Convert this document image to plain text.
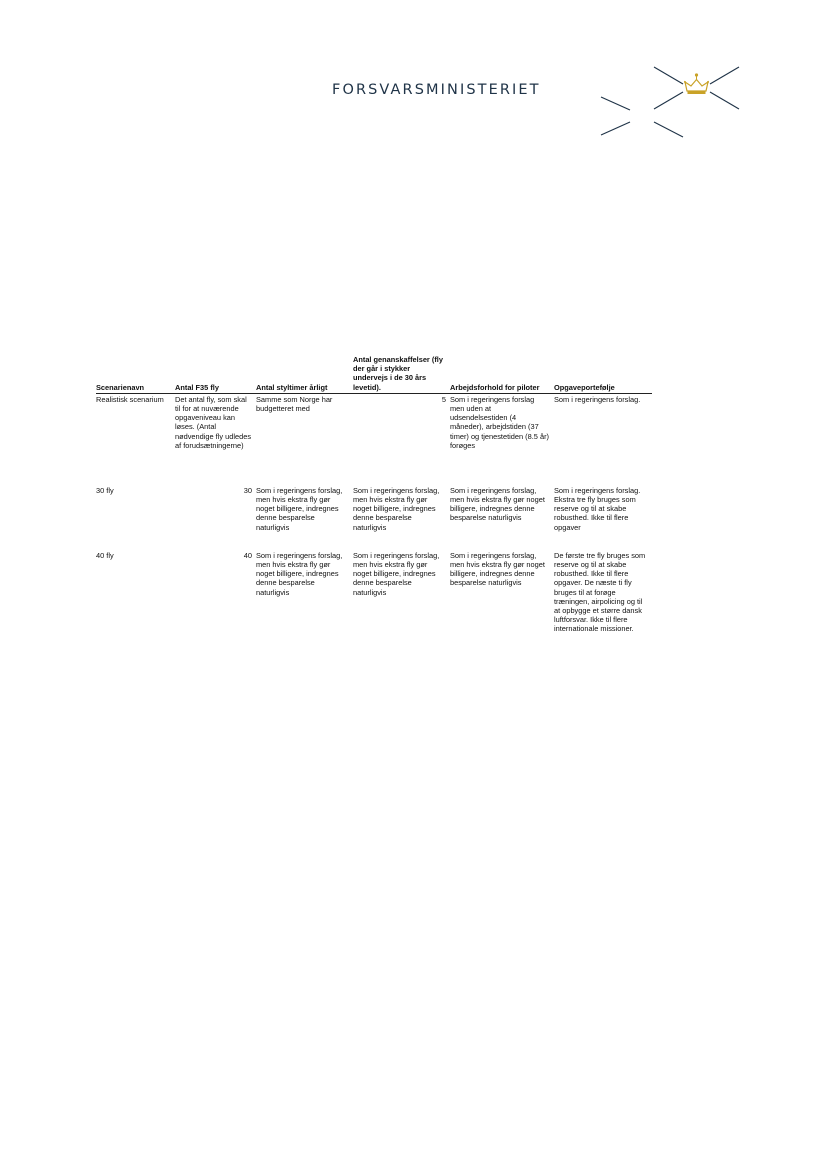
FORSVARSMINISTERIET
Scenarienavn	Antal F35 fly	Antal styltimer årligt	Antal genanskaffelser (fly der går i stykker undervejs i de 30 års levetid).	Arbejdsforhold for piloter	Opgaveportefølje
Realistisk scenarium	Det antal fly, som skal til for at nuværende opgaveniveau kan løses. (Antal nødvendige fly udledes af forudsætningerne)	Samme som Norge har budgetteret med	5	Som i regeringens forslag men uden at udsendelsestiden (4 måneder), arbejdstiden (37 timer) og tjenestetiden (8.5 år) forøges	Som i regeringens forslag.
30 fly	30	Som i regeringens forslag, men hvis ekstra fly gør noget billigere, indregnes denne besparelse naturligvis	Som i regeringens forslag, men hvis ekstra fly gør noget billigere, indregnes denne besparelse naturligvis	Som i regeringens forslag, men hvis ekstra fly gør noget billigere, indregnes denne besparelse naturligvis	Som i regeringens forslag. Ekstra tre fly bruges som reserve og til at skabe robusthed. Ikke til flere opgaver
40 fly	40	Som i regeringens forslag, men hvis ekstra fly gør noget billigere, indregnes denne besparelse naturligvis	Som i regeringens forslag, men hvis ekstra fly gør noget billigere, indregnes denne besparelse naturligvis	Som i regeringens forslag, men hvis ekstra fly gør noget billigere, indregnes denne besparelse naturligvis	De første tre fly bruges som reserve og til at skabe robusthed. Ikke til flere opgaver. De næste ti fly bruges til at forøge træningen, airpolicing og til at opbygge et større dansk luftforsvar. Ikke til flere internationale missioner.
